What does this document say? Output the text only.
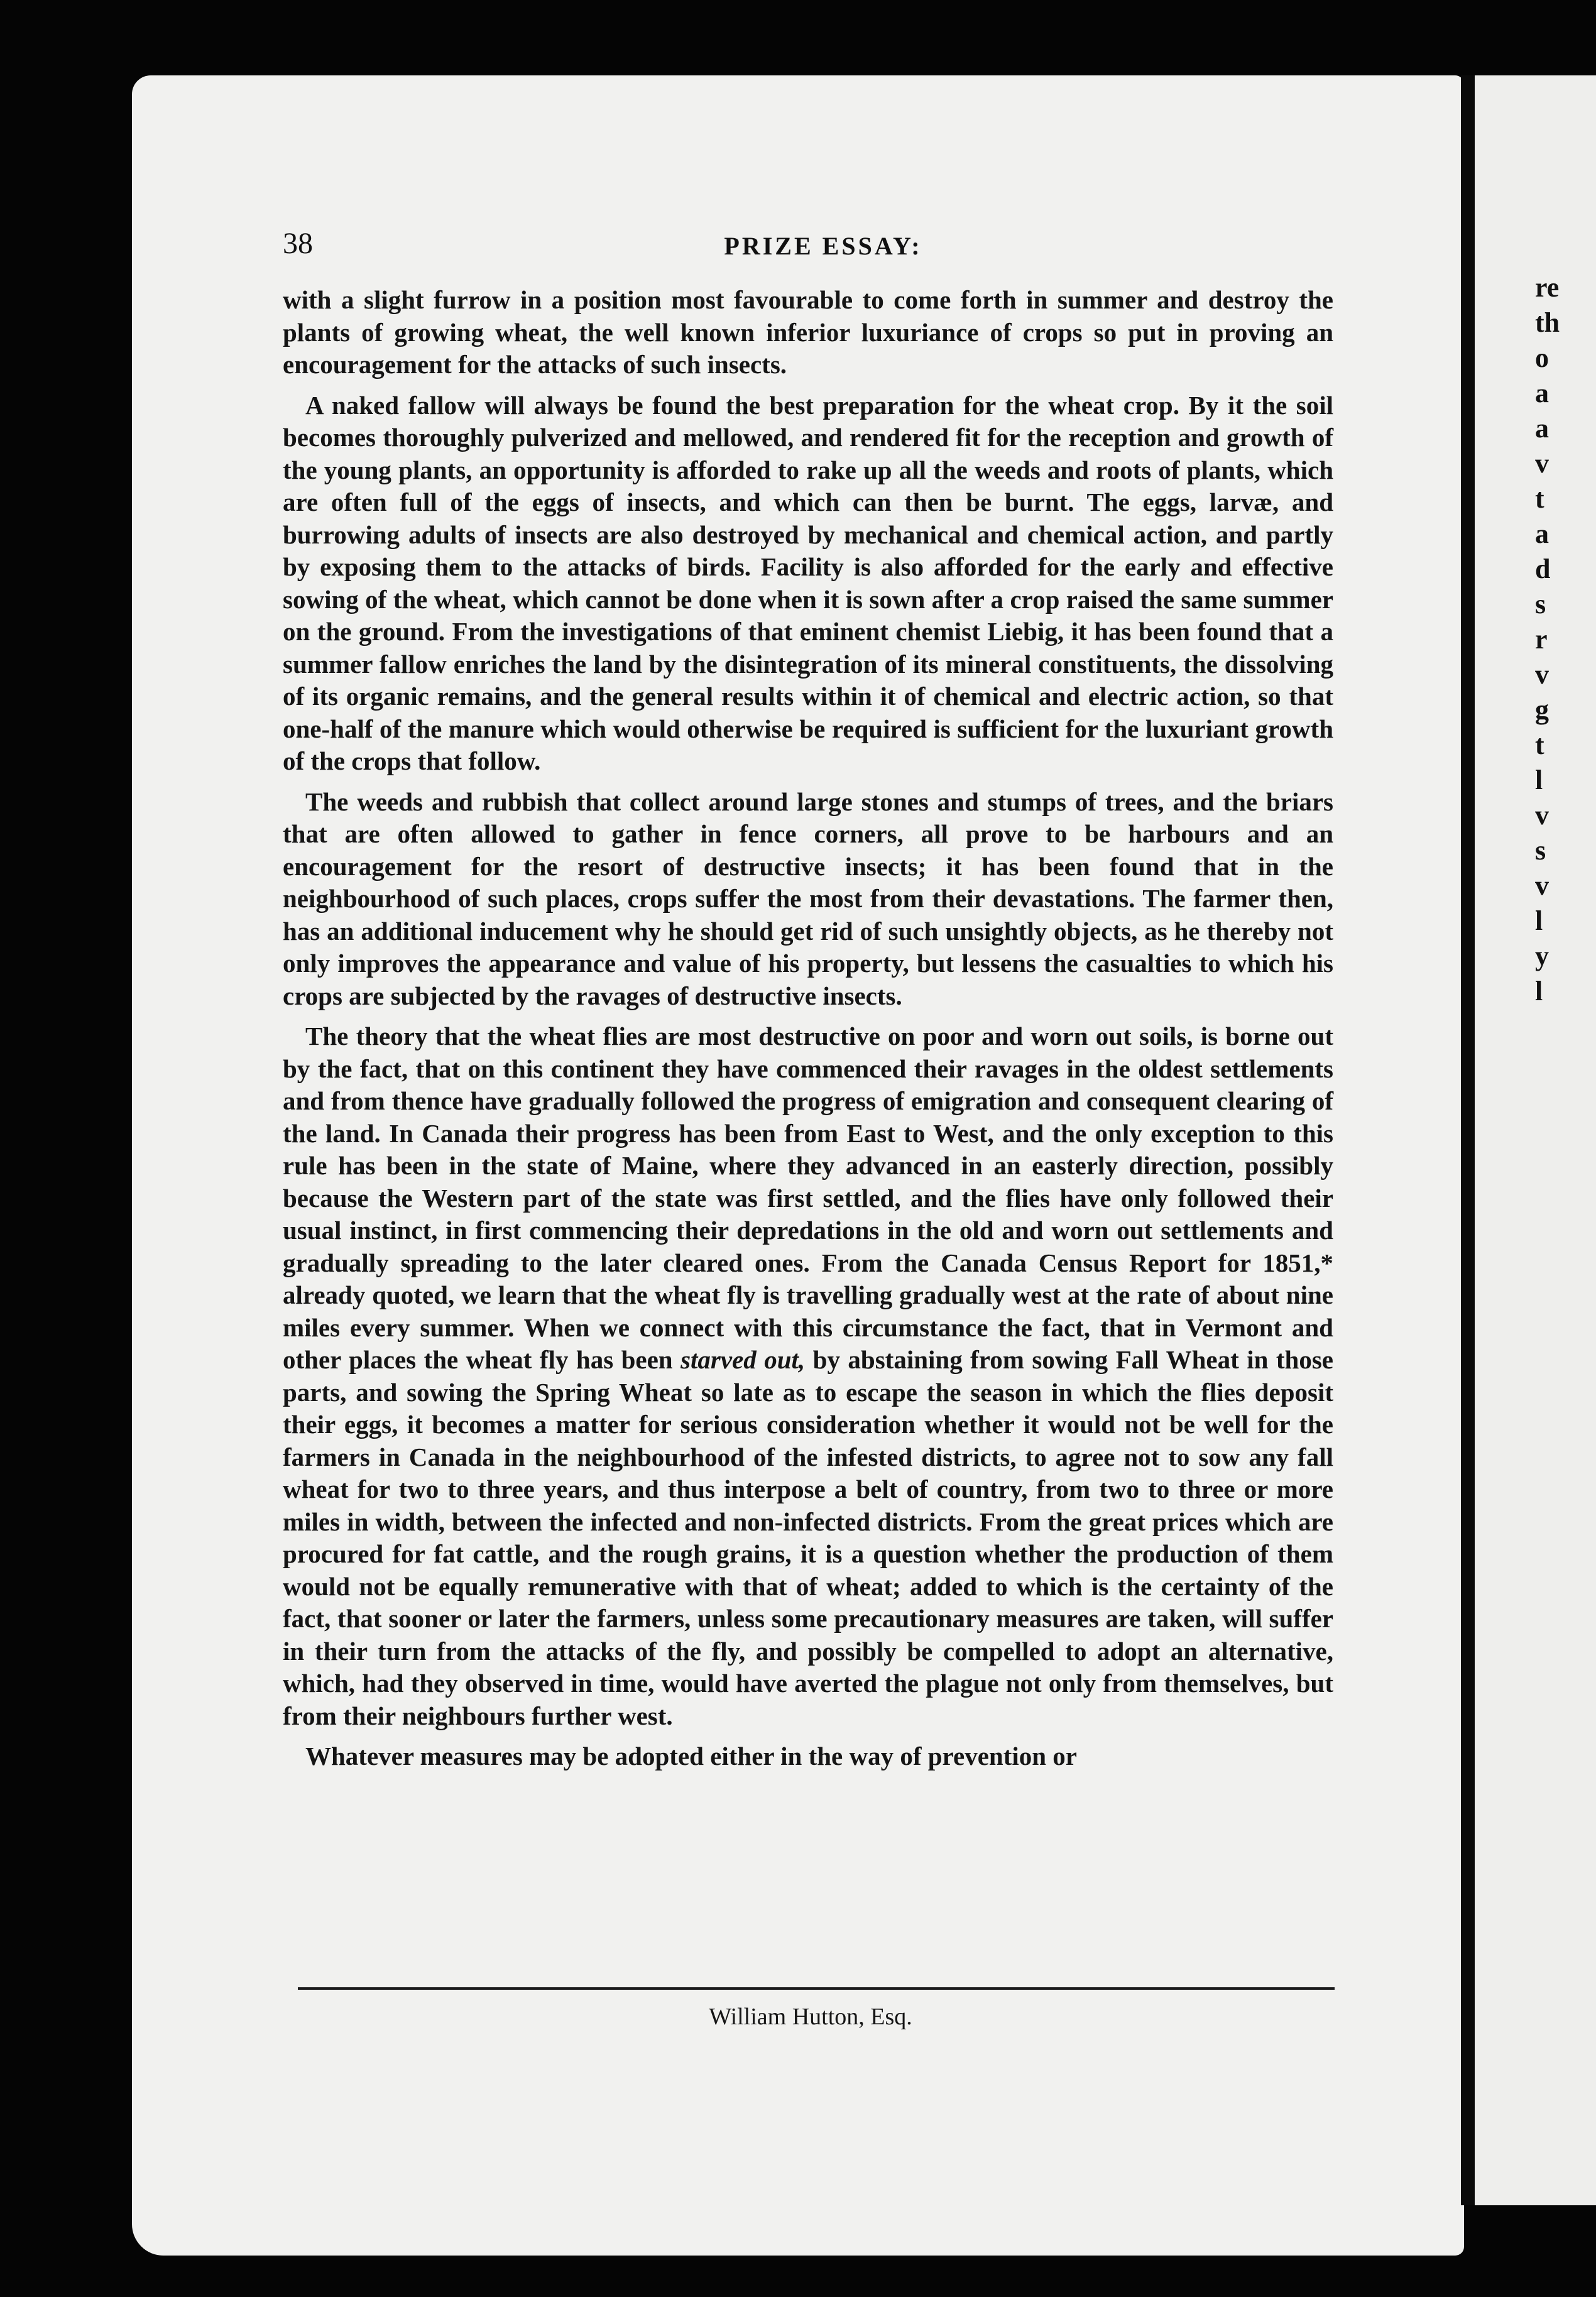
re
th
o
a
a
v
t
a
d
s
r
v
g
t
l
v
s
v
l
y
l
38	PRIZE ESSAY:

with a slight furrow in a position most favourable to come forth in summer and destroy the plants of growing wheat, the well known inferior luxuriance of crops so put in proving an encouragement for the attacks of such insects.

A naked fallow will always be found the best preparation for the wheat crop. By it the soil becomes thoroughly pulverized and mellowed, and rendered fit for the reception and growth of the young plants, an opportunity is afforded to rake up all the weeds and roots of plants, which are often full of the eggs of insects, and which can then be burnt. The eggs, larvæ, and burrowing adults of insects are also destroyed by mechanical and chemical action, and partly by exposing them to the attacks of birds. Facility is also afforded for the early and effective sowing of the wheat, which cannot be done when it is sown after a crop raised the same summer on the ground. From the investigations of that eminent chemist Liebig, it has been found that a summer fallow enriches the land by the disintegration of its mineral constituents, the dissolving of its organic remains, and the general results within it of chemical and electric action, so that one-half of the manure which would otherwise be required is sufficient for the luxuriant growth of the crops that follow.

The weeds and rubbish that collect around large stones and stumps of trees, and the briars that are often allowed to gather in fence corners, all prove to be harbours and an encouragement for the resort of destructive insects; it has been found that in the neighbourhood of such places, crops suffer the most from their devastations. The farmer then, has an additional inducement why he should get rid of such unsightly objects, as he thereby not only improves the appearance and value of his property, but lessens the casualties to which his crops are subjected by the ravages of destructive insects.

The theory that the wheat flies are most destructive on poor and worn out soils, is borne out by the fact, that on this continent they have commenced their ravages in the oldest settlements and from thence have gradually followed the progress of emigration and consequent clearing of the land. In Canada their progress has been from East to West, and the only exception to this rule has been in the state of Maine, where they advanced in an easterly direction, possibly because the Western part of the state was first settled, and the flies have only followed their usual instinct, in first commencing their depredations in the old and worn out settlements and gradually spreading to the later cleared ones. From the Canada Census Report for 1851,* already quoted, we learn that the wheat fly is travelling gradually west at the rate of about nine miles every summer. When we connect with this circumstance the fact, that in Vermont and other places the wheat fly has been starved out, by abstaining from sowing Fall Wheat in those parts, and sowing the Spring Wheat so late as to escape the season in which the flies deposit their eggs, it becomes a matter for serious consideration whether it would not be well for the farmers in Canada in the neighbourhood of the infested districts, to agree not to sow any fall wheat for two to three years, and thus interpose a belt of country, from two to three or more miles in width, between the infected and non-infected districts. From the great prices which are procured for fat cattle, and the rough grains, it is a question whether the production of them would not be equally remunerative with that of wheat; added to which is the certainty of the fact, that sooner or later the farmers, unless some precautionary measures are taken, will suffer in their turn from the attacks of the fly, and possibly be compelled to adopt an alternative, which, had they observed in time, would have averted the plague not only from themselves, but from their neighbours further west.

Whatever measures may be adopted either in the way of prevention or

William Hutton, Esq.
